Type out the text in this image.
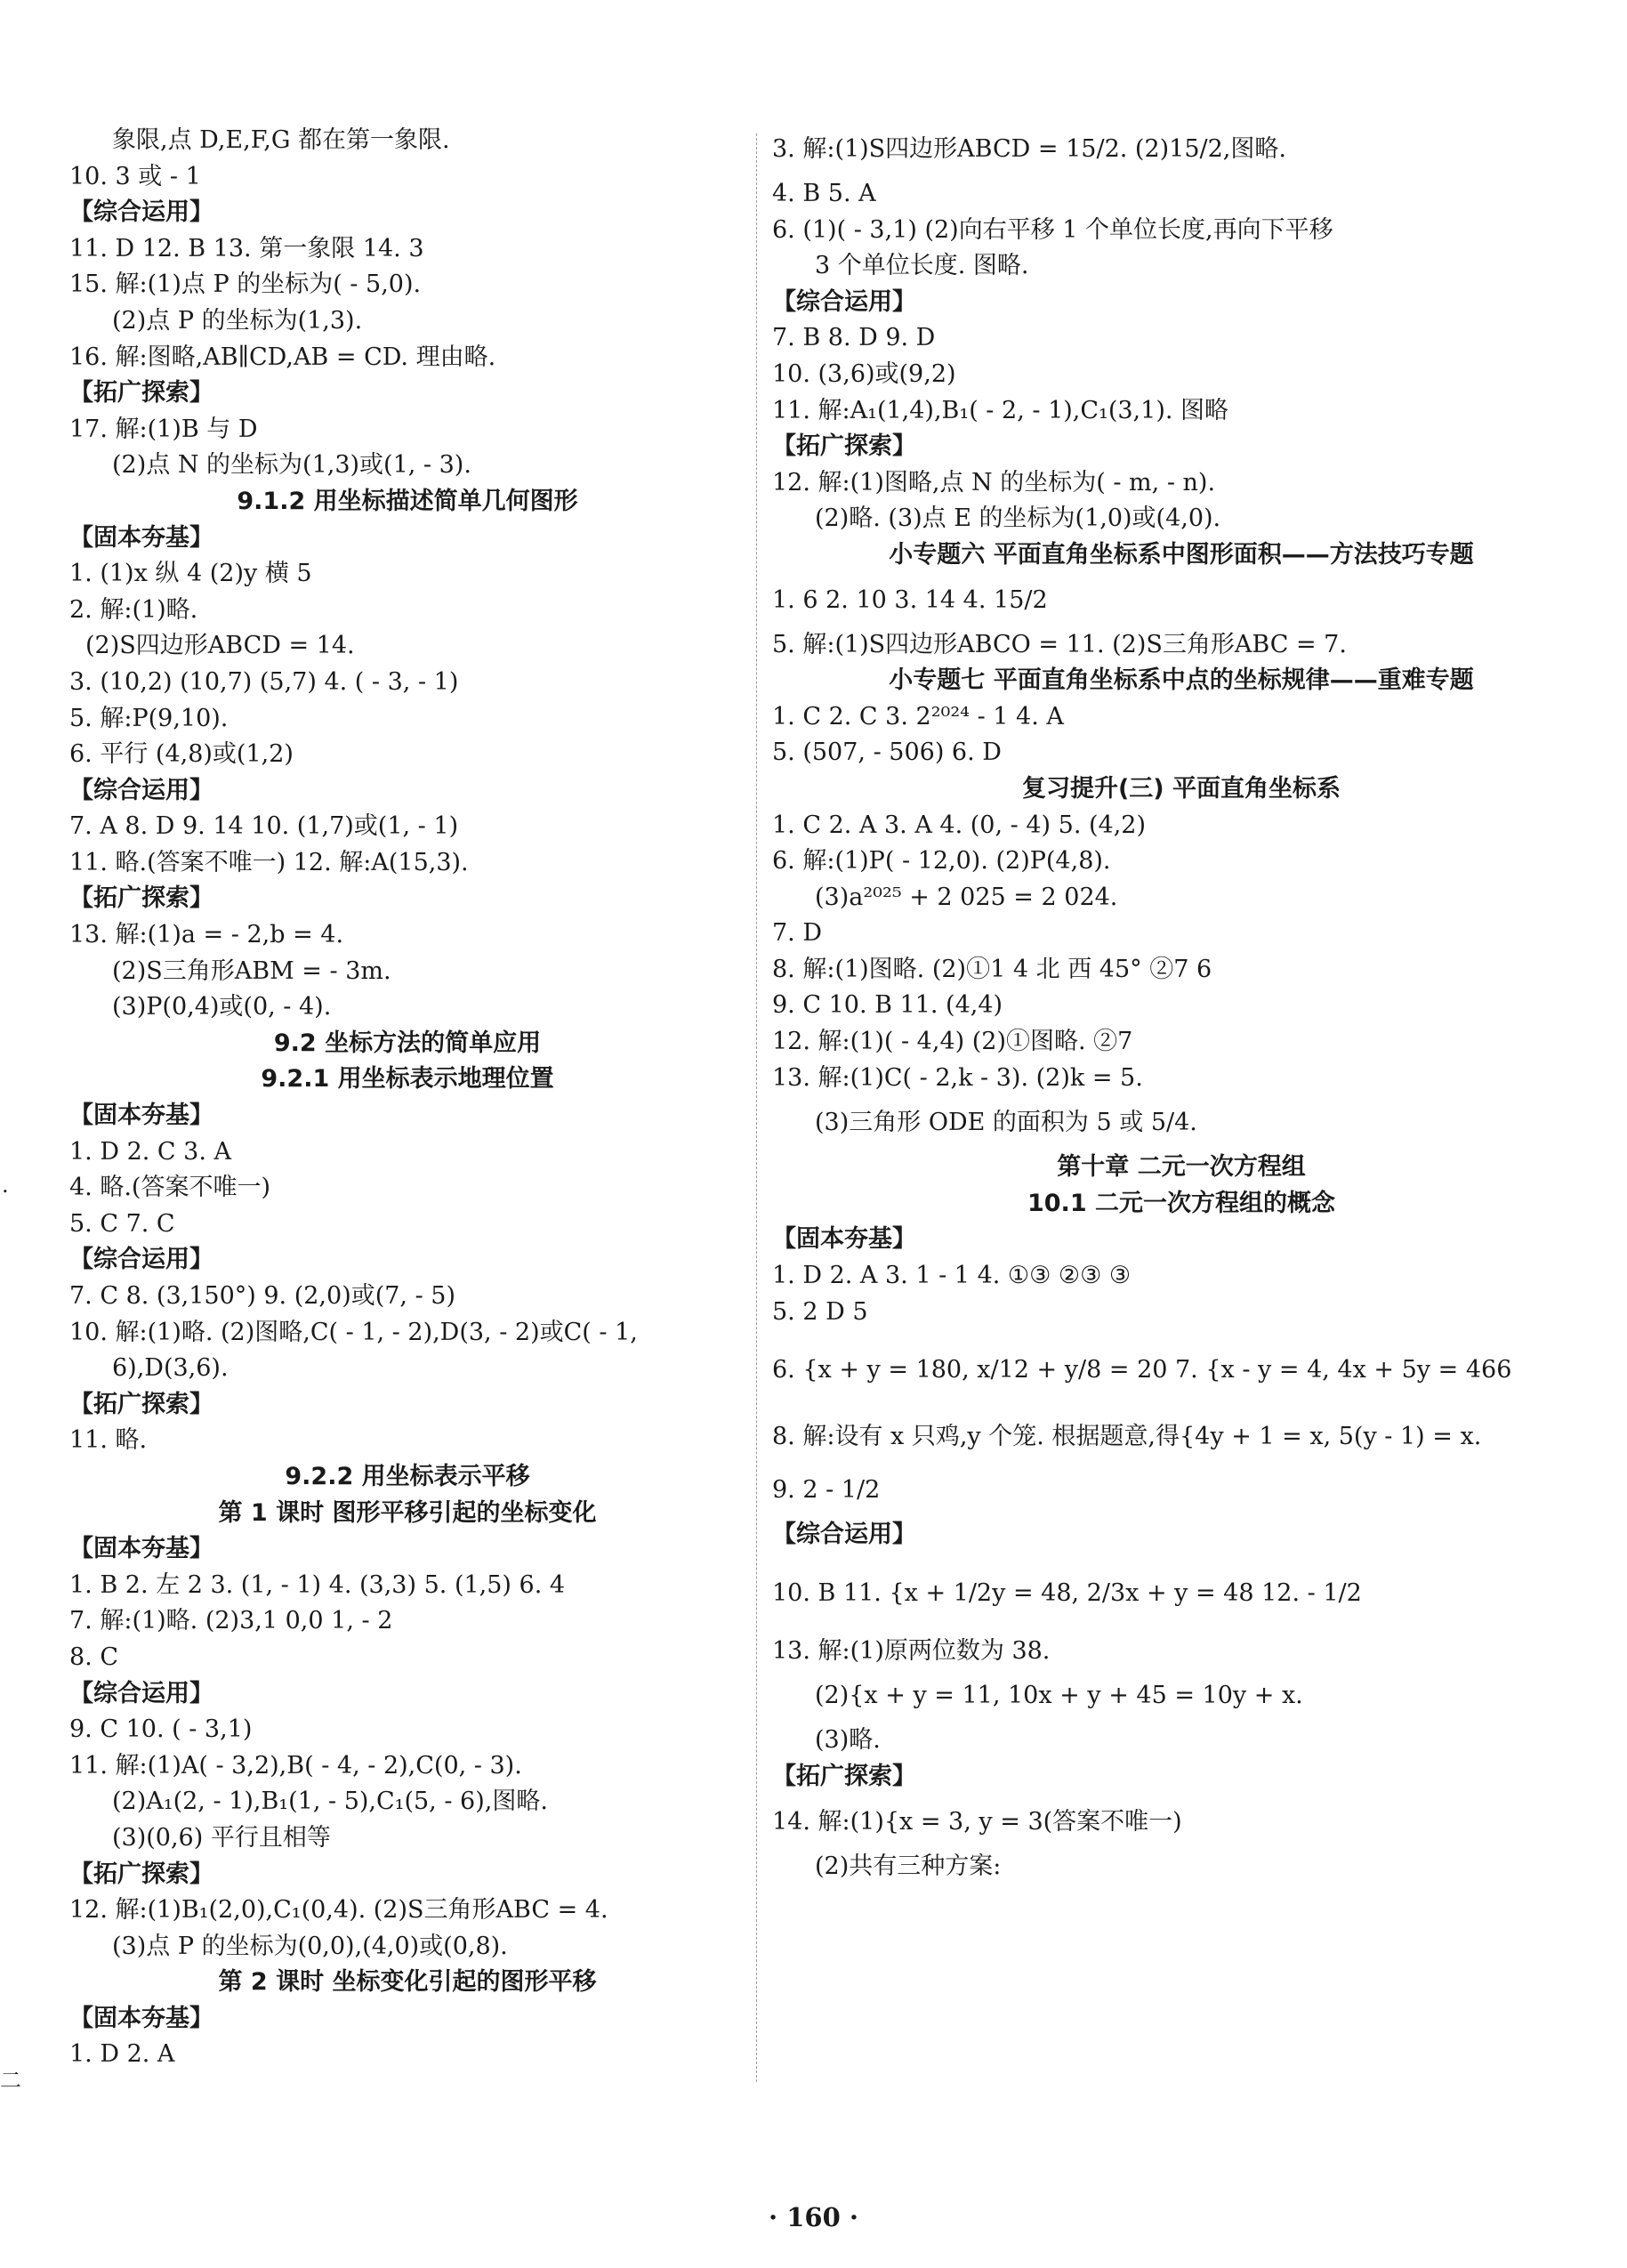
象限,点 D,E,F,G 都在第一象限.
10. 3 或 - 1
【综合运用】
11. D 12. B 13. 第一象限 14. 3
15. 解:(1)点 P 的坐标为( - 5,0).
(2)点 P 的坐标为(1,3).
16. 解:图略,AB∥CD,AB = CD. 理由略.
【拓广探索】
17. 解:(1)B 与 D
(2)点 N 的坐标为(1,3)或(1, - 3).
9.1.2 用坐标描述简单几何图形
【固本夯基】
1. (1)x 纵 4 (2)y 横 5
2. 解:(1)略.
(2)S四边形ABCD = 14.
3. (10,2) (10,7) (5,7) 4. ( - 3, - 1)
5. 解:P(9,10).
6. 平行 (4,8)或(1,2)
【综合运用】
7. A 8. D 9. 14 10. (1,7)或(1, - 1)
11. 略.(答案不唯一) 12. 解:A(15,3).
【拓广探索】
13. 解:(1)a = - 2,b = 4.
(2)S三角形ABM = - 3m.
(3)P(0,4)或(0, - 4).
9.2 坐标方法的简单应用
9.2.1 用坐标表示地理位置
【固本夯基】
1. D 2. C 3. A
4. 略.(答案不唯一)
5. C 7. C
【综合运用】
7. C 8. (3,150°) 9. (2,0)或(7, - 5)
10. 解:(1)略. (2)图略,C( - 1, - 2),D(3, - 2)或C( - 1,
6),D(3,6).
【拓广探索】
11. 略.
9.2.2 用坐标表示平移
第 1 课时 图形平移引起的坐标变化
【固本夯基】
1. B 2. 左 2 3. (1, - 1) 4. (3,3) 5. (1,5) 6. 4
7. 解:(1)略. (2)3,1 0,0 1, - 2
8. C
【综合运用】
9. C 10. ( - 3,1)
11. 解:(1)A( - 3,2),B( - 4, - 2),C(0, - 3).
(2)A₁(2, - 1),B₁(1, - 5),C₁(5, - 6),图略.
(3)(0,6) 平行且相等
【拓广探索】
12. 解:(1)B₁(2,0),C₁(0,4). (2)S三角形ABC = 4.
(3)点 P 的坐标为(0,0),(4,0)或(0,8).
第 2 课时 坐标变化引起的图形平移
【固本夯基】
1. D 2. A
3. 解:(1)S四边形ABCD = 15/2. (2)15/2,图略.
4. B 5. A
6. (1)( - 3,1) (2)向右平移 1 个单位长度,再向下平移
3 个单位长度. 图略.
【综合运用】
7. B 8. D 9. D
10. (3,6)或(9,2)
11. 解:A₁(1,4),B₁( - 2, - 1),C₁(3,1). 图略
【拓广探索】
12. 解:(1)图略,点 N 的坐标为( - m, - n).
(2)略. (3)点 E 的坐标为(1,0)或(4,0).
小专题六 平面直角坐标系中图形面积——方法技巧专题
1. 6 2. 10 3. 14 4. 15/2
5. 解:(1)S四边形ABCO = 11. (2)S三角形ABC = 7.
小专题七 平面直角坐标系中点的坐标规律——重难专题
1. C 2. C 3. 2²⁰²⁴ - 1 4. A
5. (507, - 506) 6. D
复习提升(三) 平面直角坐标系
1. C 2. A 3. A 4. (0, - 4) 5. (4,2)
6. 解:(1)P( - 12,0). (2)P(4,8).
(3)a²⁰²⁵ + 2 025 = 2 024.
7. D
8. 解:(1)图略. (2)①1 4 北 西 45° ②7 6
9. C 10. B 11. (4,4)
12. 解:(1)( - 4,4) (2)①图略. ②7
13. 解:(1)C( - 2,k - 3). (2)k = 5.
(3)三角形 ODE 的面积为 5 或 5/4.
第十章 二元一次方程组
10.1 二元一次方程组的概念
【固本夯基】
1. D 2. A 3. 1 - 1 4. ①③ ②③ ③
5. 2 D 5
6. {x + y = 180, x/12 + y/8 = 20 7. {x - y = 4, 4x + 5y = 466
8. 解:设有 x 只鸡,y 个笼. 根据题意,得{4y + 1 = x, 5(y - 1) = x.
9. 2 - 1/2
【综合运用】
10. B 11. {x + 1/2y = 48, 2/3x + y = 48 12. - 1/2
13. 解:(1)原两位数为 38.
(2){x + y = 11, 10x + y + 45 = 10y + x.
(3)略.
【拓广探索】
14. 解:(1){x = 3, y = 3(答案不唯一)
(2)共有三种方案:
· 160 ·
.
二
